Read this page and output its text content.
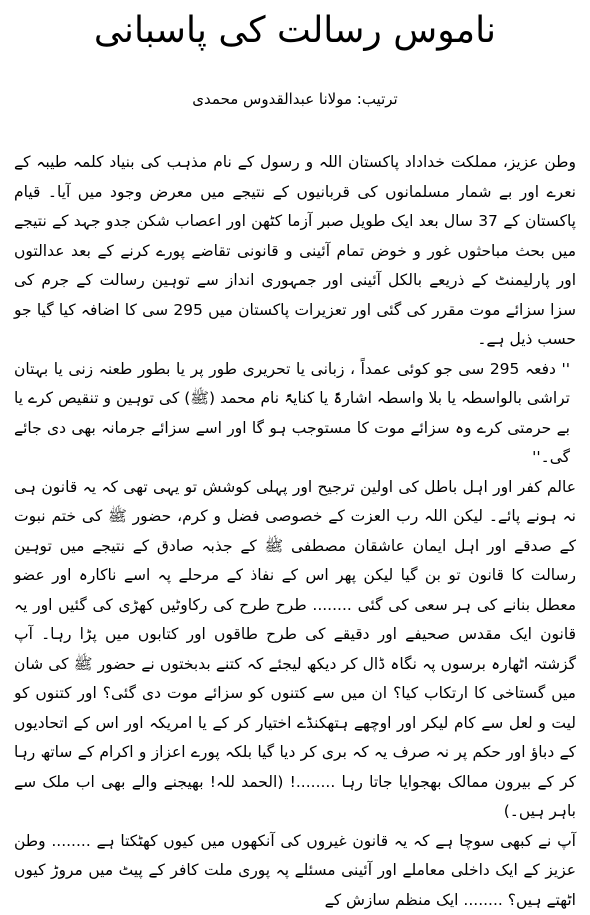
ناموس رسالت کی پاسبانی
ترتیب: مولانا عبدالقدوس محمدی

وطن عزیز، مملکت خداداد پاکستان اللہ و رسول کے نام مذہب کی بنیاد کلمہ طیبہ کے نعرے اور بے شمار مسلمانوں کی قربانیوں کے نتیجے میں معرض وجود میں آیا۔ قیام پاکستان کے 37 سال بعد ایک طویل صبر آزما کٹھن اور اعصاب شکن جدو جہد کے نتیجے میں بحث مباحثوں غور و خوض تمام آئینی و قانونی تقاضے پورے کرنے کے بعد عدالتوں اور پارلیمنٹ کے ذریعے بالکل آئینی اور جمہوری انداز سے توہین رسالت کے جرم کی سزا سزائے موت مقرر کی گئی اور تعزیرات پاکستان میں 295 سی کا اضافہ کیا گیا جو حسب ذیل ہے۔

'' دفعہ 295 سی جو کوئی عمداً ، زبانی یا تحریری طور پر یا بطور طعنہ زنی یا بہتان تراشی بالواسطہ یا بلا واسطہ اشارۃً یا کنایۃً نام محمد (ﷺ) کی توہین و تنقیص کرے یا بے حرمتی کرے وہ سزائے موت کا مستوجب ہو گا اور اسے سزائے جرمانہ بھی دی جائے گی۔''

عالم کفر اور اہل باطل کی اولین ترجیح اور پہلی کوشش تو یہی تھی کہ یہ قانون ہی نہ ہونے پائے۔ لیکن اللہ رب العزت کے خصوصی فضل و کرم، حضور ﷺ کی ختم نبوت کے صدقے اور اہل ایمان عاشقان مصطفی ﷺ کے جذبہ صادق کے نتیجے میں توہین رسالت کا قانون تو بن گیا لیکن پھر اس کے نفاذ کے مرحلے پہ اسے ناکارہ اور عضو معطل بنانے کی ہر سعی کی گئی ........ طرح طرح کی رکاوٹیں کھڑی کی گئیں اور یہ قانون ایک مقدس صحیفے اور دقیقے کی طرح طاقوں اور کتابوں میں پڑا رہا۔ آپ گزشتہ اٹھارہ برسوں پہ نگاہ ڈال کر دیکھ لیجئے کہ کتنے بدبختوں نے حضور ﷺ کی شان میں گستاخی کا ارتکاب کیا؟ ان میں سے کتنوں کو سزائے موت دی گئی؟ اور کتنوں کو لیت و لعل سے کام لیکر اور اوچھے ہتھکنڈے اختیار کر کے یا امریکہ اور اس کے اتحادیوں کے دباؤ اور حکم پر نہ صرف یہ کہ بری کر دیا گیا بلکہ پورے اعزاز و اکرام کے ساتھ رہا کر کے بیرون ممالک بھجوایا جاتا رہا ........! (الحمد للہ! بھیجنے والے بھی اب ملک سے باہر ہیں۔)

آپ نے کبھی سوچا ہے کہ یہ قانون غیروں کی آنکھوں میں کیوں کھٹکتا ہے ........ وطن عزیز کے ایک داخلی معاملے اور آئینی مسئلے پہ پوری ملت کافر کے پیٹ میں مروڑ کیوں اٹھتے ہیں؟ ........ ایک منظم سازش کے
